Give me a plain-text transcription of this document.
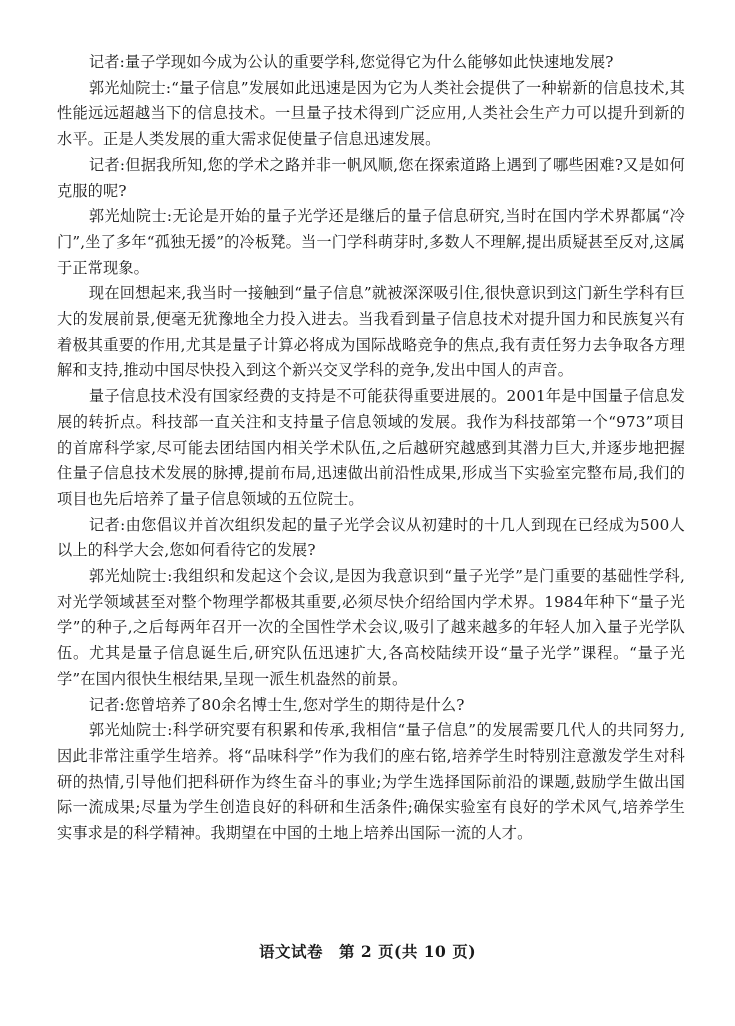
记者:量子学现如今成为公认的重要学科,您觉得它为什么能够如此快速地发展?

郭光灿院士:“量子信息”发展如此迅速是因为它为人类社会提供了一种崭新的信息技术,其性能远远超越当下的信息技术。一旦量子技术得到广泛应用,人类社会生产力可以提升到新的水平。正是人类发展的重大需求促使量子信息迅速发展。

记者:但据我所知,您的学术之路并非一帆风顺,您在探索道路上遇到了哪些困难?又是如何克服的呢?

郭光灿院士:无论是开始的量子光学还是继后的量子信息研究,当时在国内学术界都属“冷门”,坐了多年“孤独无援”的冷板凳。当一门学科萌芽时,多数人不理解,提出质疑甚至反对,这属于正常现象。

现在回想起来,我当时一接触到“量子信息”就被深深吸引住,很快意识到这门新生学科有巨大的发展前景,便毫无犹豫地全力投入进去。当我看到量子信息技术对提升国力和民族复兴有着极其重要的作用,尤其是量子计算必将成为国际战略竞争的焦点,我有责任努力去争取各方理解和支持,推动中国尽快投入到这个新兴交叉学科的竞争,发出中国人的声音。

量子信息技术没有国家经费的支持是不可能获得重要进展的。2001年是中国量子信息发展的转折点。科技部一直关注和支持量子信息领域的发展。我作为科技部第一个“973”项目的首席科学家,尽可能去团结国内相关学术队伍,之后越研究越感到其潜力巨大,并逐步地把握住量子信息技术发展的脉搏,提前布局,迅速做出前沿性成果,形成当下实验室完整布局,我们的项目也先后培养了量子信息领域的五位院士。

记者:由您倡议并首次组织发起的量子光学会议从初建时的十几人到现在已经成为500人以上的科学大会,您如何看待它的发展?

郭光灿院士:我组织和发起这个会议,是因为我意识到“量子光学”是门重要的基础性学科,对光学领域甚至对整个物理学都极其重要,必须尽快介绍给国内学术界。1984年种下“量子光学”的种子,之后每两年召开一次的全国性学术会议,吸引了越来越多的年轻人加入量子光学队伍。尤其是量子信息诞生后,研究队伍迅速扩大,各高校陆续开设“量子光学”课程。“量子光学”在国内很快生根结果,呈现一派生机盎然的前景。

记者:您曾培养了80余名博士生,您对学生的期待是什么?

郭光灿院士:科学研究要有积累和传承,我相信“量子信息”的发展需要几代人的共同努力,因此非常注重学生培养。将“品味科学”作为我们的座右铭,培养学生时特别注意激发学生对科研的热情,引导他们把科研作为终生奋斗的事业;为学生选择国际前沿的课题,鼓励学生做出国际一流成果;尽量为学生创造良好的科研和生活条件;确保实验室有良好的学术风气,培养学生实事求是的科学精神。我期望在中国的土地上培养出国际一流的人才。

语文试卷　第 2 页(共 10 页)
